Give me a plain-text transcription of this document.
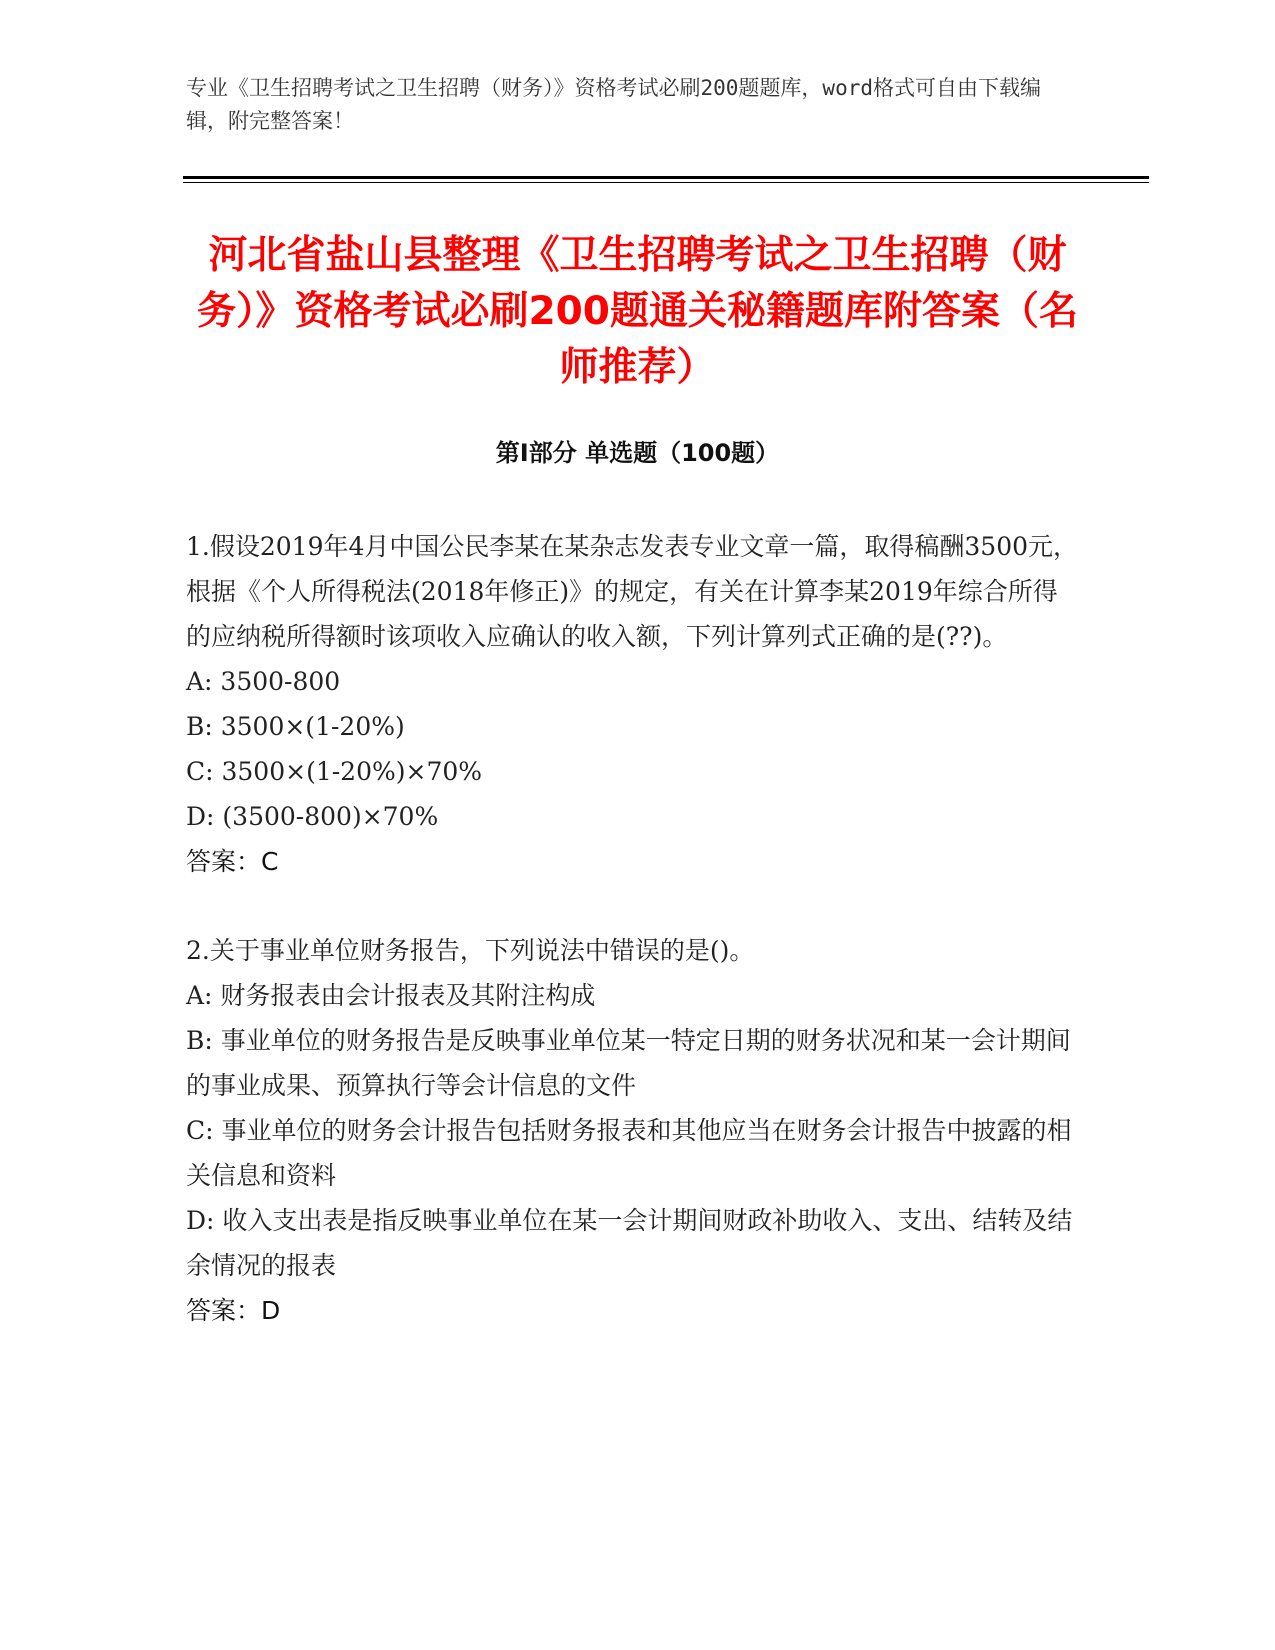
专业《卫生招聘考试之卫生招聘（财务）》资格考试必刷200题题库，word格式可自由下载编辑，附完整答案！
河北省盐山县整理《卫生招聘考试之卫生招聘（财务）》资格考试必刷200题通关秘籍题库附答案（名师推荐）
第I部分 单选题（100题）
1.假设2019年4月中国公民李某在某杂志发表专业文章一篇，取得稿酬3500元，根据《个人所得税法(2018年修正)》的规定，有关在计算李某2019年综合所得的应纳税所得额时该项收入应确认的收入额，下列计算列式正确的是(??)。
A: 3500-800
B: 3500×(1-20%)
C: 3500×(1-20%)×70%
D: (3500-800)×70%
答案：C
2.关于事业单位财务报告，下列说法中错误的是()。
A: 财务报表由会计报表及其附注构成
B: 事业单位的财务报告是反映事业单位某一特定日期的财务状况和某一会计期间的事业成果、预算执行等会计信息的文件
C: 事业单位的财务会计报告包括财务报表和其他应当在财务会计报告中披露的相关信息和资料
D: 收入支出表是指反映事业单位在某一会计期间财政补助收入、支出、结转及结余情况的报表
答案：D
